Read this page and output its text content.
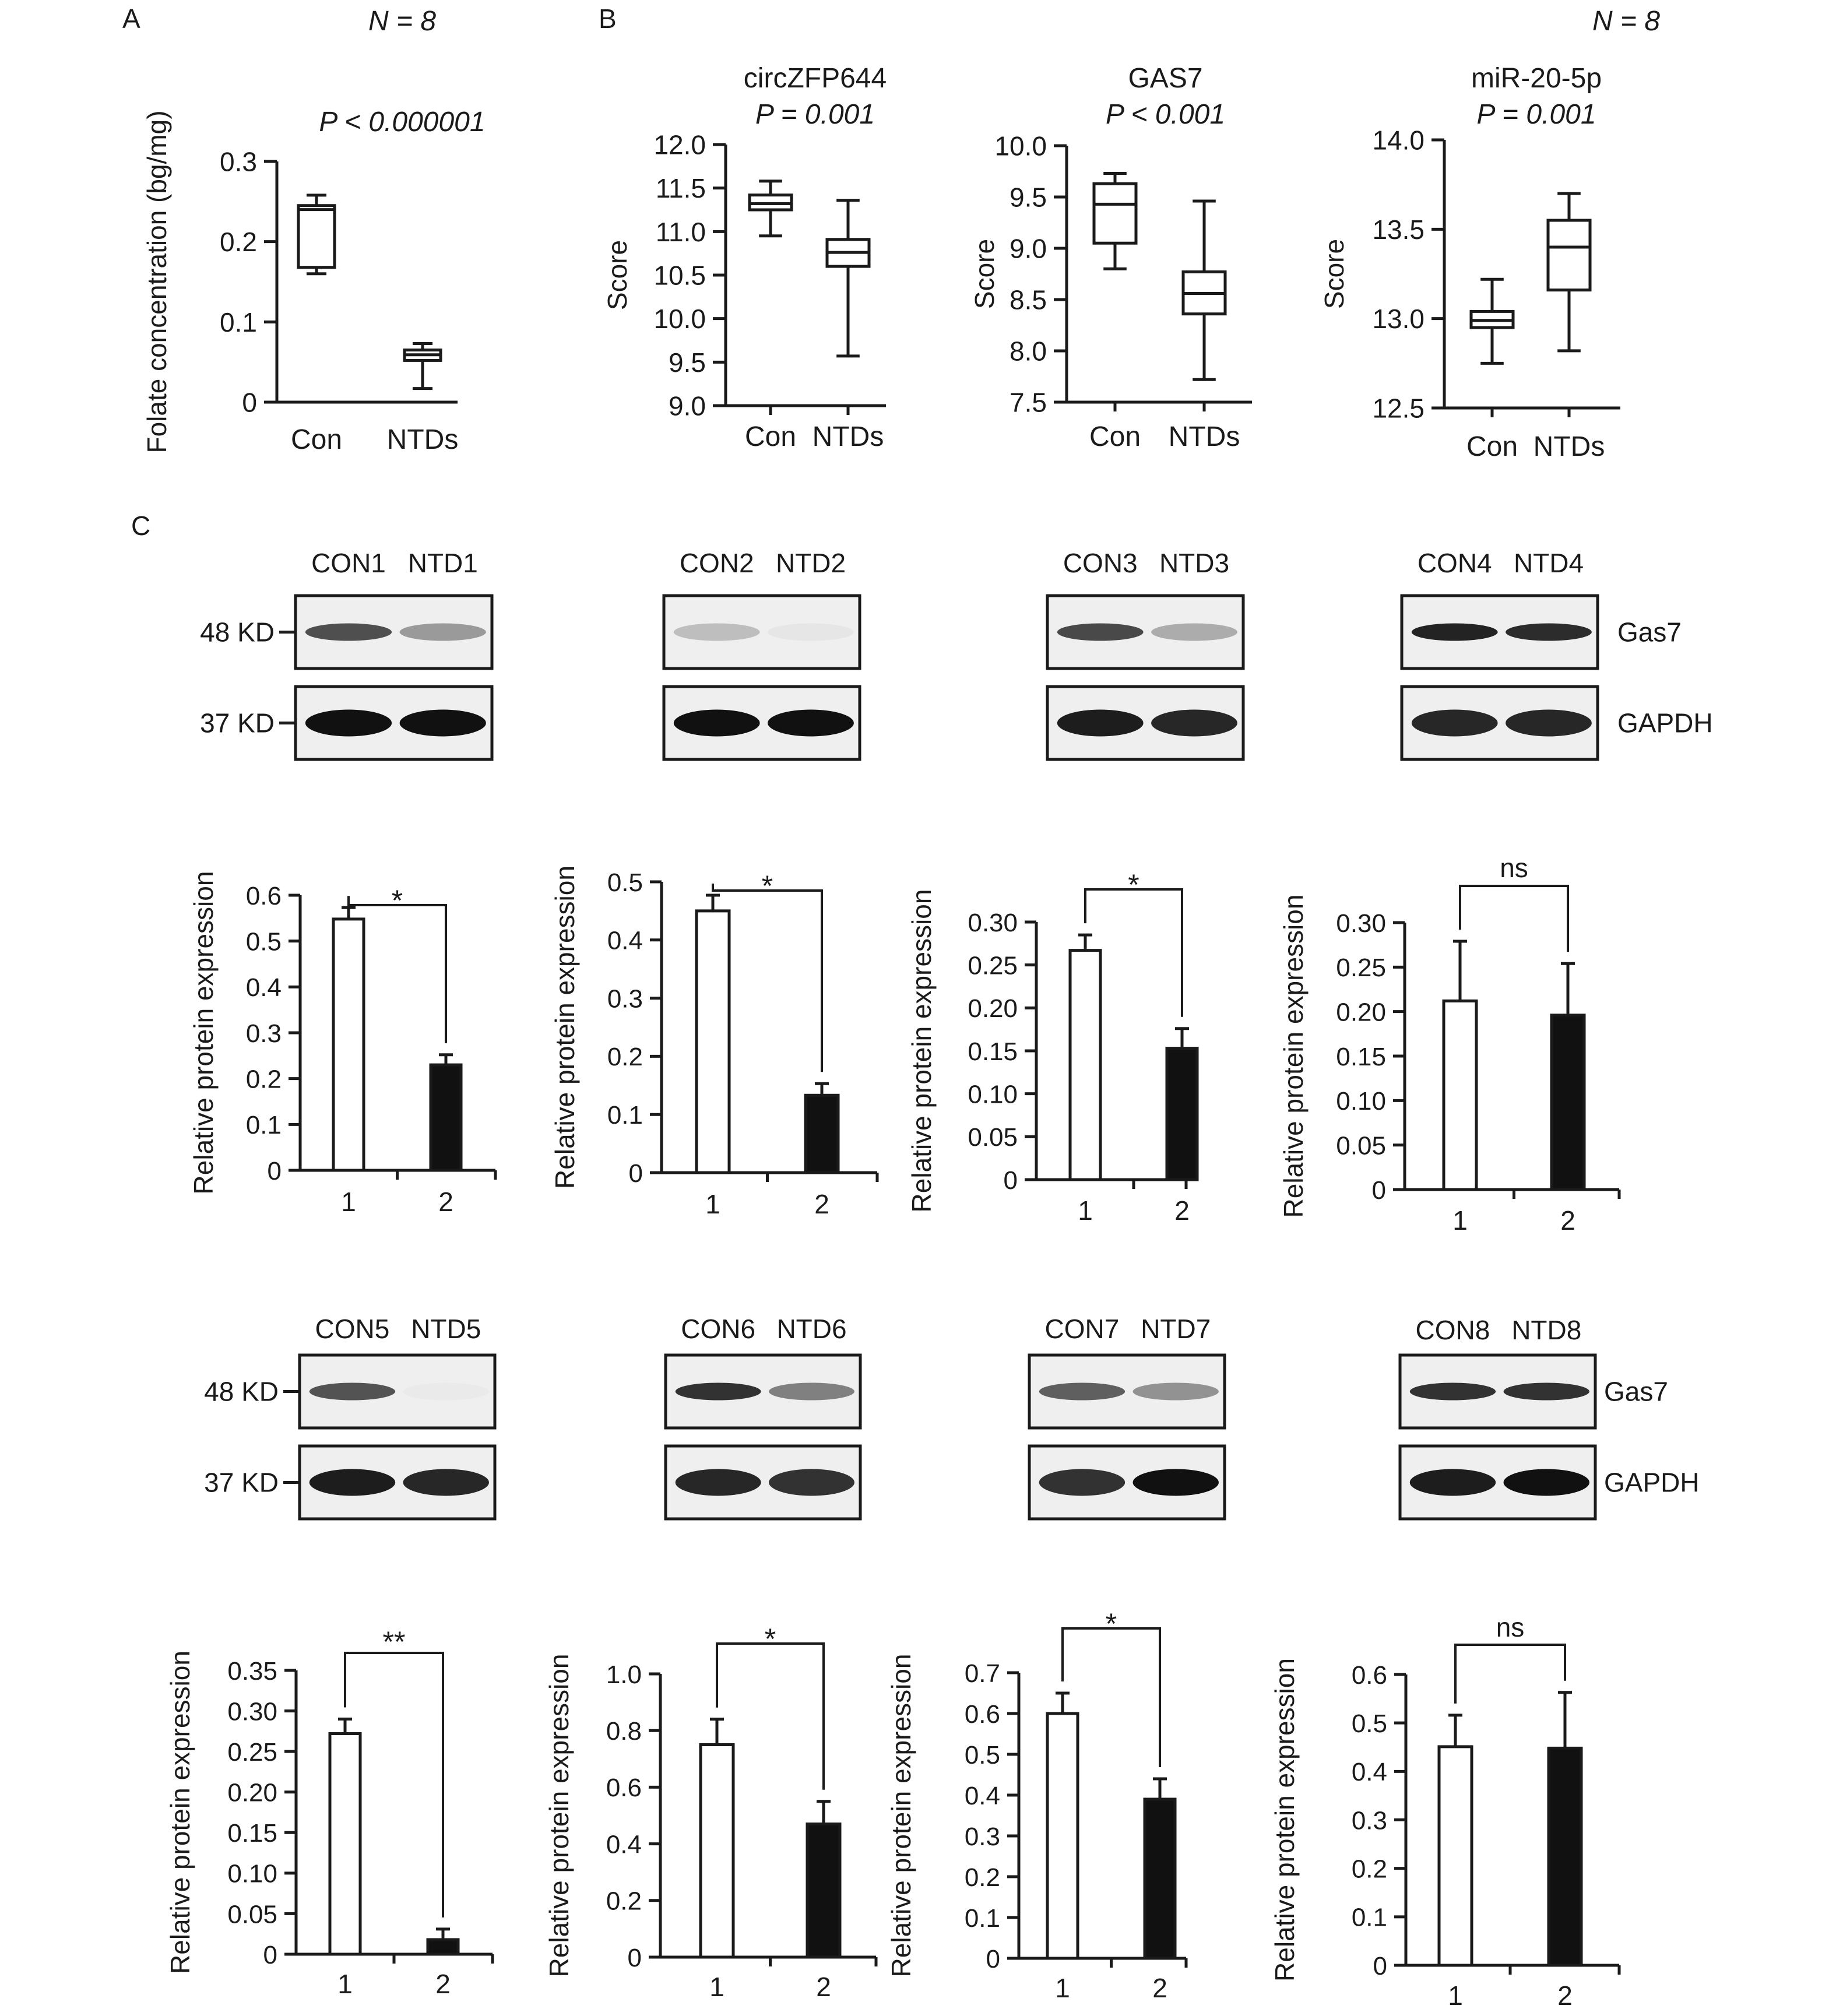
A	N = 8
P < 0.000001
B	N = 8
C
0
0.1
0.2
0.3
Folate concentration (bg/mg)	Con NTDs
9.0
9.5
10.0
10.5
11.0
11.5
12.0
Score
Con NTDs
circZFP644
P = 0.001
7.5
8.0
8.5
9.0
9.5
10.0
Score
Con NTDs
GAS7
P < 0.001
12.5
13.0
13.5
14.0
Score
Con NTDs
miR-20-5p
P = 0.001
0
0.1
0.2
0.3
0.4
0.5
0.6
Relative protein expression
1	2
*
0
0.1
0.2
0.3
0.4
0.5
Relative protein expression
1	2
*
0
0.05
0.10
0.15
0.20
0.25
0.30
Relative protein expression	1	2
*
0
0.05
0.10
0.15
0.20
0.25
0.30
Relative protein expression
1	2
ns
0
0.05
0.10
0.15
0.20
0.25
0.30
0.35
Relative protein expression
1	2
**
0
0.2
0.4
0.6
0.8
1.0
Relative protein expression
1	2
*
0
0.1
0.2
0.3
0.4
0.5
0.6
0.7
Relative protein expression
1	2
*
0
0.1
0.2
0.3
0.4
0.5
0.6
Relative protein expression
1	2
ns
CON1 NTD1
48 KD
37 KD
CON2 NTD2	CON3 NTD3	CON4 NTD4
Gas7
GAPDH
CON5 NTD5
48 KD
37 KD
CON6 NTD6	CON7 NTD7	CON8 NTD8
Gas7
GAPDH
